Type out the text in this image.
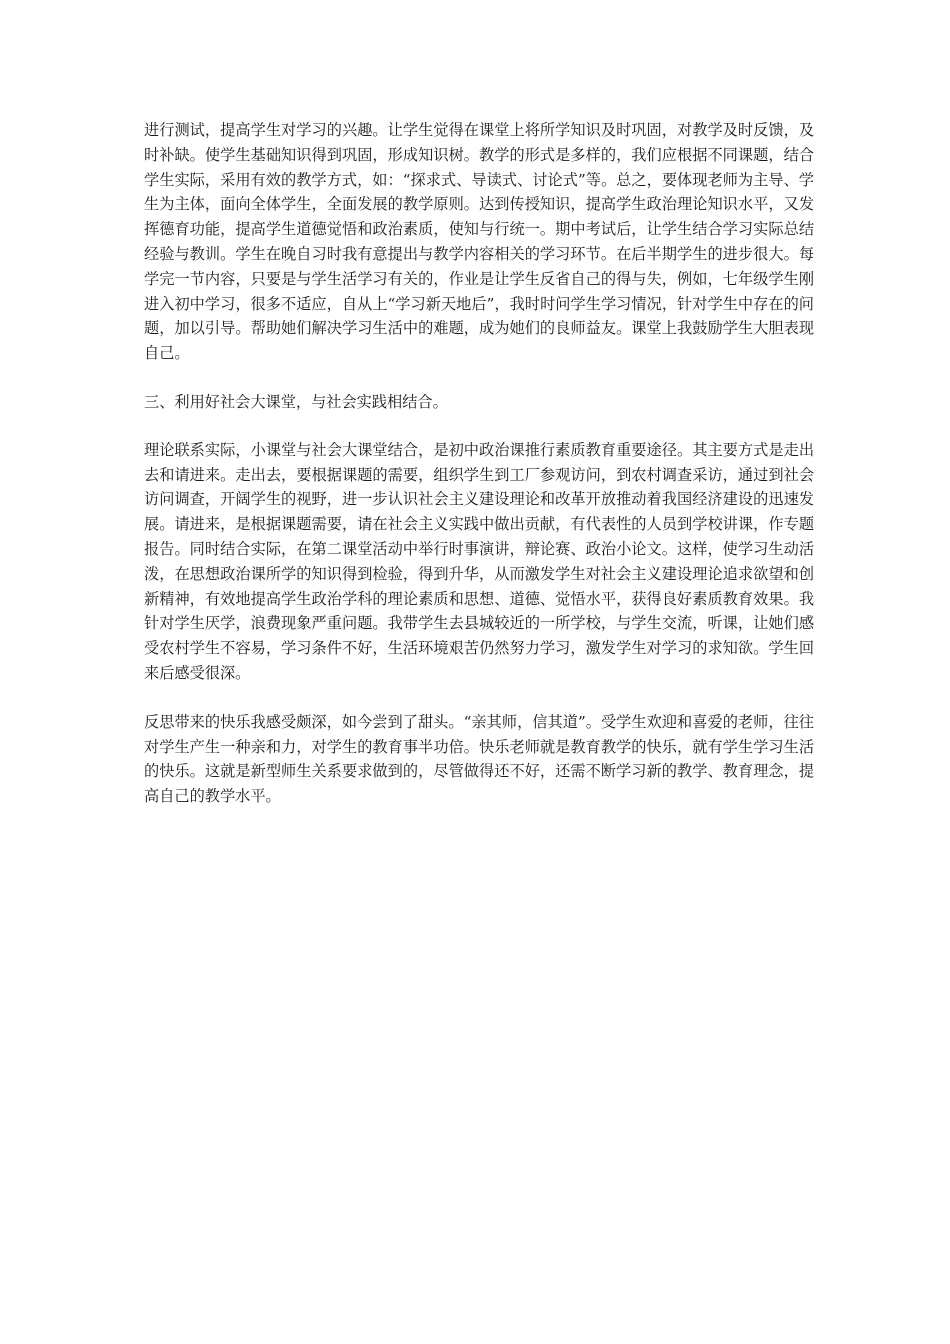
进行测试，提高学生对学习的兴趣。让学生觉得在课堂上将所学知识及时巩固，对教学及时反馈，及时补缺。使学生基础知识得到巩固，形成知识树。教学的形式是多样的，我们应根据不同课题，结合学生实际，采用有效的教学方式，如：“探求式、导读式、讨论式”等。总之，要体现老师为主导、学生为主体，面向全体学生，全面发展的教学原则。达到传授知识，提高学生政治理论知识水平，又发挥德育功能，提高学生道德觉悟和政治素质，使知与行统一。期中考试后，让学生结合学习实际总结经验与教训。学生在晚自习时我有意提出与教学内容相关的学习环节。在后半期学生的进步很大。每学完一节内容，只要是与学生活学习有关的，作业是让学生反省自己的得与失，例如，七年级学生刚进入初中学习，很多不适应，自从上“学习新天地后”，我时时问学生学习情况，针对学生中存在的问题，加以引导。帮助她们解决学习生活中的难题，成为她们的良师益友。课堂上我鼓励学生大胆表现自己。

三、利用好社会大课堂，与社会实践相结合。

理论联系实际，小课堂与社会大课堂结合，是初中政治课推行素质教育重要途径。其主要方式是走出去和请进来。走出去，要根据课题的需要，组织学生到工厂参观访问，到农村调查采访，通过到社会访问调查，开阔学生的视野，进一步认识社会主义建设理论和改革开放推动着我国经济建设的迅速发展。请进来，是根据课题需要，请在社会主义实践中做出贡献，有代表性的人员到学校讲课，作专题报告。同时结合实际，在第二课堂活动中举行时事演讲，辩论赛、政治小论文。这样，使学习生动活泼，在思想政治课所学的知识得到检验，得到升华，从而激发学生对社会主义建设理论追求欲望和创新精神，有效地提高学生政治学科的理论素质和思想、道德、觉悟水平，获得良好素质教育效果。我针对学生厌学，浪费现象严重问题。我带学生去县城较近的一所学校，与学生交流，听课，让她们感受农村学生不容易，学习条件不好，生活环境艰苦仍然努力学习，激发学生对学习的求知欲。学生回来后感受很深。

反思带来的快乐我感受颇深，如今尝到了甜头。“亲其师，信其道”。受学生欢迎和喜爱的老师，往往对学生产生一种亲和力，对学生的教育事半功倍。快乐老师就是教育教学的快乐，就有学生学习生活的快乐。这就是新型师生关系要求做到的，尽管做得还不好，还需不断学习新的教学、教育理念，提高自己的教学水平。
